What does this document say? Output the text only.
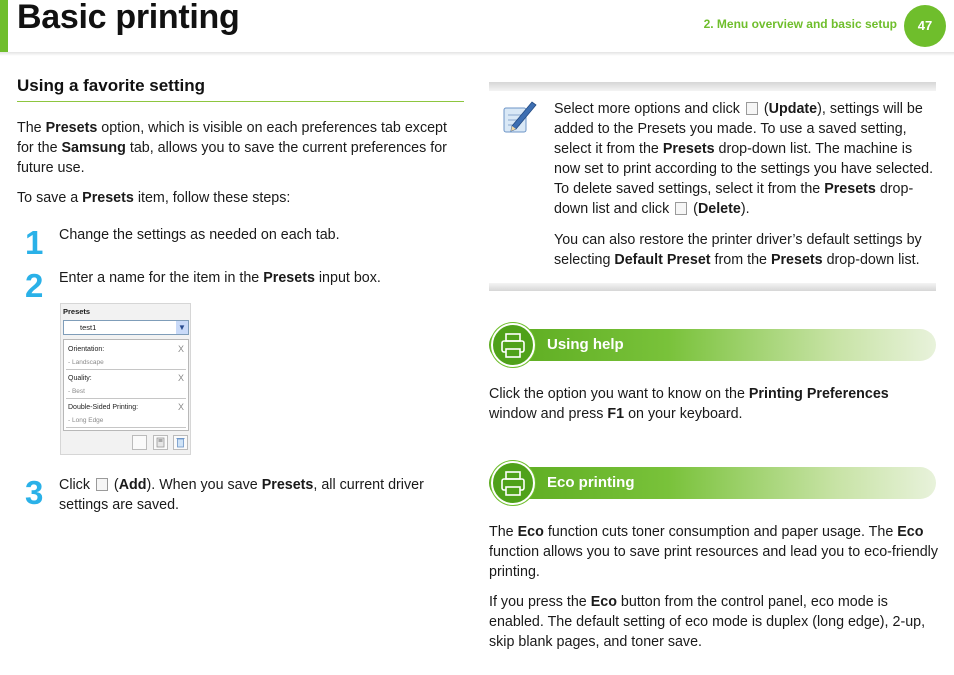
Basic printing	2. Menu overview and basic setup	47
Using a favorite setting
The Presets option, which is visible on each preferences tab except for the Samsung tab, allows you to save the current preferences for future use.
To save a Presets item, follow these steps:
1 Change the settings as needed on each tab.
2 Enter a name for the item in the Presets input box.
Presets
test1	▼
Orientation:
- Landscape
X
Quality:
- Best
X
Double-Sided Printing:
- Long Edge
X
3 Click  (Add). When you save Presets, all current driver settings are saved.
Select more options and click  (Update), settings will be added to the Presets you made. To use a saved setting, select it from the Presets drop-down list. The machine is now set to print according to the settings you have selected. To delete saved settings, select it from the Presets drop-down list and click  (Delete).
You can also restore the printer driver’s default settings by selecting Default Preset from the Presets drop-down list.
Using help
Click the option you want to know on the Printing Preferences window and press F1 on your keyboard.
Eco printing
The Eco function cuts toner consumption and paper usage. The Eco function allows you to save print resources and lead you to eco-friendly printing.
If you press the Eco button from the control panel, eco mode is enabled. The default setting of eco mode is duplex (long edge), 2-up, skip blank pages, and toner save.
